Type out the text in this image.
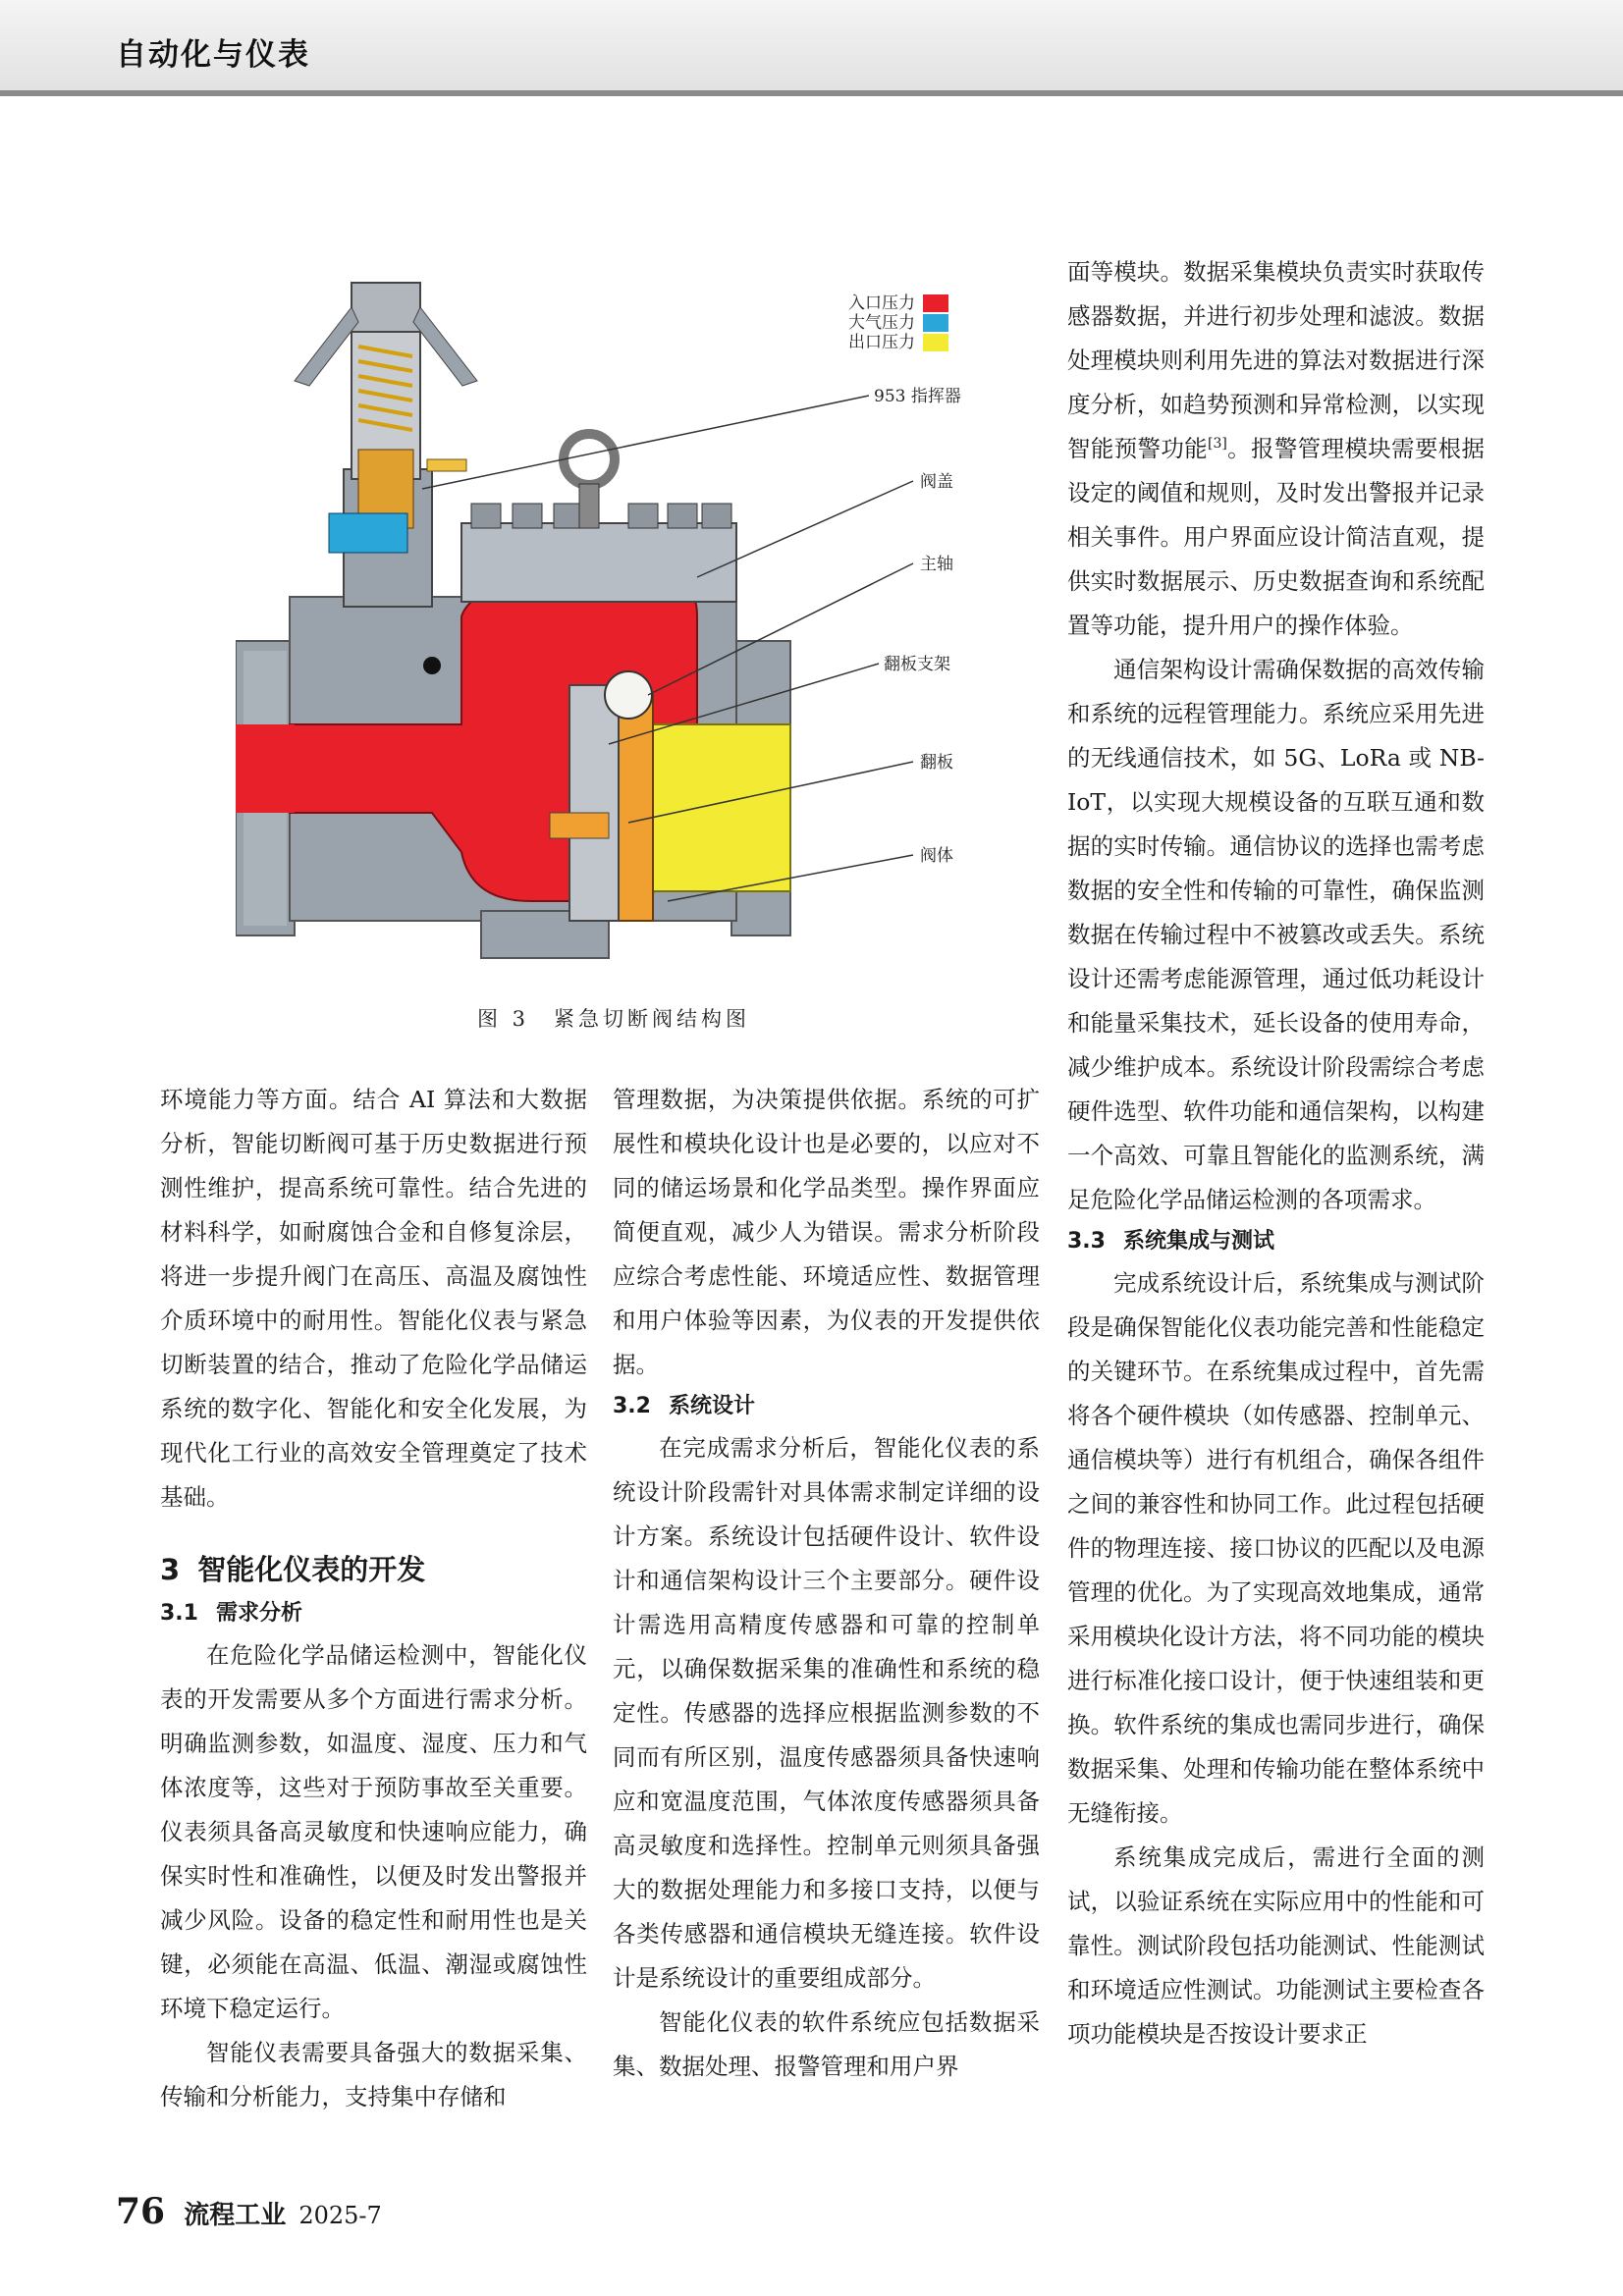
自动化与仪表
入口压力
大气压力
出口压力
953 指挥器
阀盖
主轴
翻板支架
翻板
阀体
图 3　紧急切断阀结构图

环境能力等方面。结合 AI 算法和大数据分析，智能切断阀可基于历史数据进行预测性维护，提高系统可靠性。结合先进的材料科学，如耐腐蚀合金和自修复涂层，将进一步提升阀门在高压、高温及腐蚀性介质环境中的耐用性。智能化仪表与紧急切断装置的结合，推动了危险化学品储运系统的数字化、智能化和安全化发展，为现代化工行业的高效安全管理奠定了技术基础。

3 智能化仪表的开发
3.1 需求分析

在危险化学品储运检测中，智能化仪表的开发需要从多个方面进行需求分析。明确监测参数，如温度、湿度、压力和气体浓度等，这些对于预防事故至关重要。仪表须具备高灵敏度和快速响应能力，确保实时性和准确性，以便及时发出警报并减少风险。设备的稳定性和耐用性也是关键，必须能在高温、低温、潮湿或腐蚀性环境下稳定运行。

智能仪表需要具备强大的数据采集、传输和分析能力，支持集中存储和

管理数据，为决策提供依据。系统的可扩展性和模块化设计也是必要的，以应对不同的储运场景和化学品类型。操作界面应简便直观，减少人为错误。需求分析阶段应综合考虑性能、环境适应性、数据管理和用户体验等因素，为仪表的开发提供依据。

3.2 系统设计

在完成需求分析后，智能化仪表的系统设计阶段需针对具体需求制定详细的设计方案。系统设计包括硬件设计、软件设计和通信架构设计三个主要部分。硬件设计需选用高精度传感器和可靠的控制单元，以确保数据采集的准确性和系统的稳定性。传感器的选择应根据监测参数的不同而有所区别，温度传感器须具备快速响应和宽温度范围，气体浓度传感器须具备高灵敏度和选择性。控制单元则须具备强大的数据处理能力和多接口支持，以便与各类传感器和通信模块无缝连接。软件设计是系统设计的重要组成部分。

智能化仪表的软件系统应包括数据采集、数据处理、报警管理和用户界

面等模块。数据采集模块负责实时获取传感器数据，并进行初步处理和滤波。数据处理模块则利用先进的算法对数据进行深度分析，如趋势预测和异常检测，以实现智能预警功能[3]。报警管理模块需要根据设定的阈值和规则，及时发出警报并记录相关事件。用户界面应设计简洁直观，提供实时数据展示、历史数据查询和系统配置等功能，提升用户的操作体验。

通信架构设计需确保数据的高效传输和系统的远程管理能力。系统应采用先进的无线通信技术，如 5G、LoRa 或 NB-IoT，以实现大规模设备的互联互通和数据的实时传输。通信协议的选择也需考虑数据的安全性和传输的可靠性，确保监测数据在传输过程中不被篡改或丢失。系统设计还需考虑能源管理，通过低功耗设计和能量采集技术，延长设备的使用寿命，减少维护成本。系统设计阶段需综合考虑硬件选型、软件功能和通信架构，以构建一个高效、可靠且智能化的监测系统，满足危险化学品储运检测的各项需求。

3.3 系统集成与测试

完成系统设计后，系统集成与测试阶段是确保智能化仪表功能完善和性能稳定的关键环节。在系统集成过程中，首先需将各个硬件模块（如传感器、控制单元、通信模块等）进行有机组合，确保各组件之间的兼容性和协同工作。此过程包括硬件的物理连接、接口协议的匹配以及电源管理的优化。为了实现高效地集成，通常采用模块化设计方法，将不同功能的模块进行标准化接口设计，便于快速组装和更换。软件系统的集成也需同步进行，确保数据采集、处理和传输功能在整体系统中无缝衔接。

系统集成完成后，需进行全面的测试，以验证系统在实际应用中的性能和可靠性。测试阶段包括功能测试、性能测试和环境适应性测试。功能测试主要检查各项功能模块是否按设计要求正

76 流程工业 2025-7
